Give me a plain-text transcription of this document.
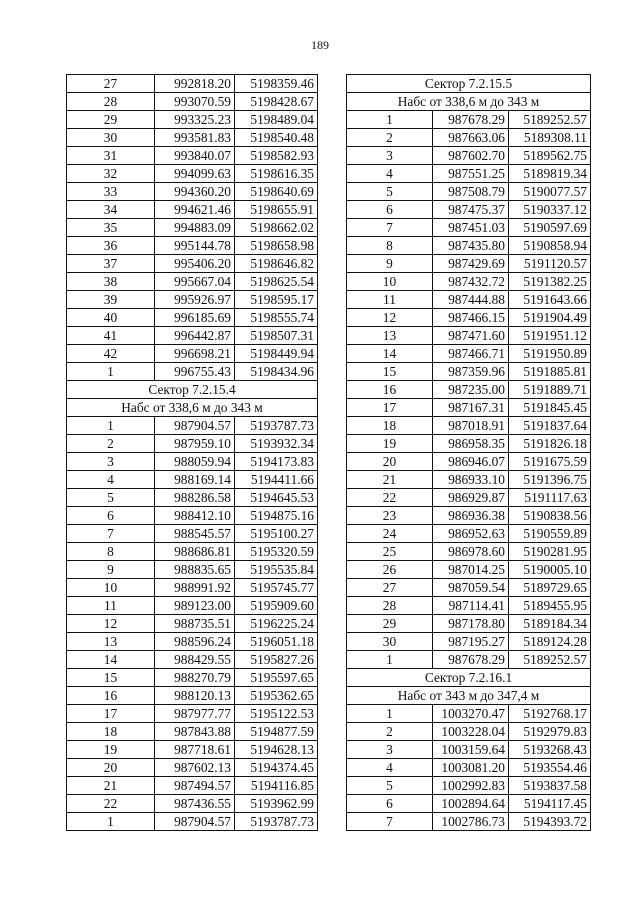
189
27	992818.20	5198359.46
28	993070.59	5198428.67
29	993325.23	5198489.04
30	993581.83	5198540.48
31	993840.07	5198582.93
32	994099.63	5198616.35
33	994360.20	5198640.69
34	994621.46	5198655.91
35	994883.09	5198662.02
36	995144.78	5198658.98
37	995406.20	5198646.82
38	995667.04	5198625.54
39	995926.97	5198595.17
40	996185.69	5198555.74
41	996442.87	5198507.31
42	996698.21	5198449.94
1	996755.43	5198434.96
Сектор 7.2.15.4		
Набс от 338,6 м до 343 м		
1	987904.57	5193787.73
2	987959.10	5193932.34
3	988059.94	5194173.83
4	988169.14	5194411.66
5	988286.58	5194645.53
6	988412.10	5194875.16
7	988545.57	5195100.27
8	988686.81	5195320.59
9	988835.65	5195535.84
10	988991.92	5195745.77
11	989123.00	5195909.60
12	988735.51	5196225.24
13	988596.24	5196051.18
14	988429.55	5195827.26
15	988270.79	5195597.65
16	988120.13	5195362.65
17	987977.77	5195122.53
18	987843.88	5194877.59
19	987718.61	5194628.13
20	987602.13	5194374.45
21	987494.57	5194116.85
22	987436.55	5193962.99
1	987904.57	5193787.73
Сектор 7.2.15.5		
Набс от 338,6 м до 343 м		
1	987678.29	5189252.57
2	987663.06	5189308.11
3	987602.70	5189562.75
4	987551.25	5189819.34
5	987508.79	5190077.57
6	987475.37	5190337.12
7	987451.03	5190597.69
8	987435.80	5190858.94
9	987429.69	5191120.57
10	987432.72	5191382.25
11	987444.88	5191643.66
12	987466.15	5191904.49
13	987471.60	5191951.12
14	987466.71	5191950.89
15	987359.96	5191885.81
16	987235.00	5191889.71
17	987167.31	5191845.45
18	987018.91	5191837.64
19	986958.35	5191826.18
20	986946.07	5191675.59
21	986933.10	5191396.75
22	986929.87	5191117.63
23	986936.38	5190838.56
24	986952.63	5190559.89
25	986978.60	5190281.95
26	987014.25	5190005.10
27	987059.54	5189729.65
28	987114.41	5189455.95
29	987178.80	5189184.34
30	987195.27	5189124.28
1	987678.29	5189252.57
Сектор 7.2.16.1		
Набс от 343 м до 347,4 м		
1	1003270.47	5192768.17
2	1003228.04	5192979.83
3	1003159.64	5193268.43
4	1003081.20	5193554.46
5	1002992.83	5193837.58
6	1002894.64	5194117.45
7	1002786.73	5194393.72
